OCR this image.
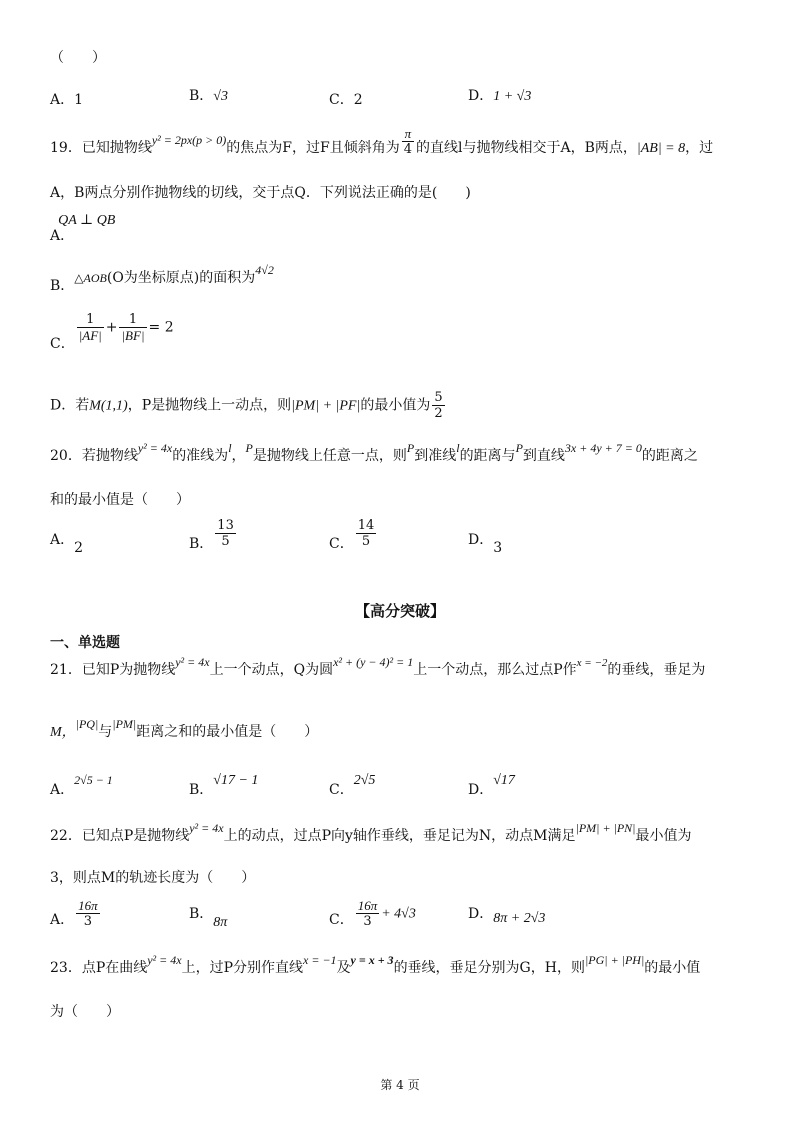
（　　）
A．1	B．√3	C．2	D．1 + √3
19．已知抛物线y² = 2px(p > 0)的焦点为F，过F且倾斜角为 $\frac{\pi}{4}$ 的直线l与抛物线相交于A，B两点，|AB| = 8，过
A，B两点分别作抛物线的切线，交于点Q．下列说法正确的是(　　)
A．QA ⊥ QB
B．△AOB(O为坐标原点)的面积为4√2
C．
$\frac{1}{|AF|} + \frac{1}{|BF|} = 2$
D．若M(1,1)，P是抛物线上一动点，则|PM| + |PF|的最小值为 $\frac{5}{2}$
20．若抛物线y² = 4x的准线为l，P是抛物线上任意一点，则P到准线l的距离与P到直线3x + 4y + 7 = 0的距离之
和的最小值是（　　）
A．2	B． $\frac{13}{5}$	C． $\frac{14}{5}$	D．3
【高分突破】
一、单选题
21．已知P为抛物线y² = 4x上一个动点，Q为圆x² + (y − 4)² = 1上一个动点，那么过点P作$^{x = -2}$的垂线，垂足为
M，|PQ|与|PM|距离之和的最小值是（　　）
A．2√5 − 1
B．√17 − 1
C．2√5
D．√17
22．已知点P是抛物线y² = 4x上的动点，过点P向y轴作垂线，垂足记为N，动点M满足|PM| + |PN|最小值为
3，则点M的轨迹长度为（　　）
A． $\frac{16\pi}{3}$	B．8π	C． $\frac{16\pi}{3} + 4√3$	D．8π + 2√3
23．点P在曲线y² = 4x上，过P分别作直线x = −1及y = x + 3的垂线，垂足分别为G，H，则|PG| + |PH|的最小值
为（　　）
第 4 页
